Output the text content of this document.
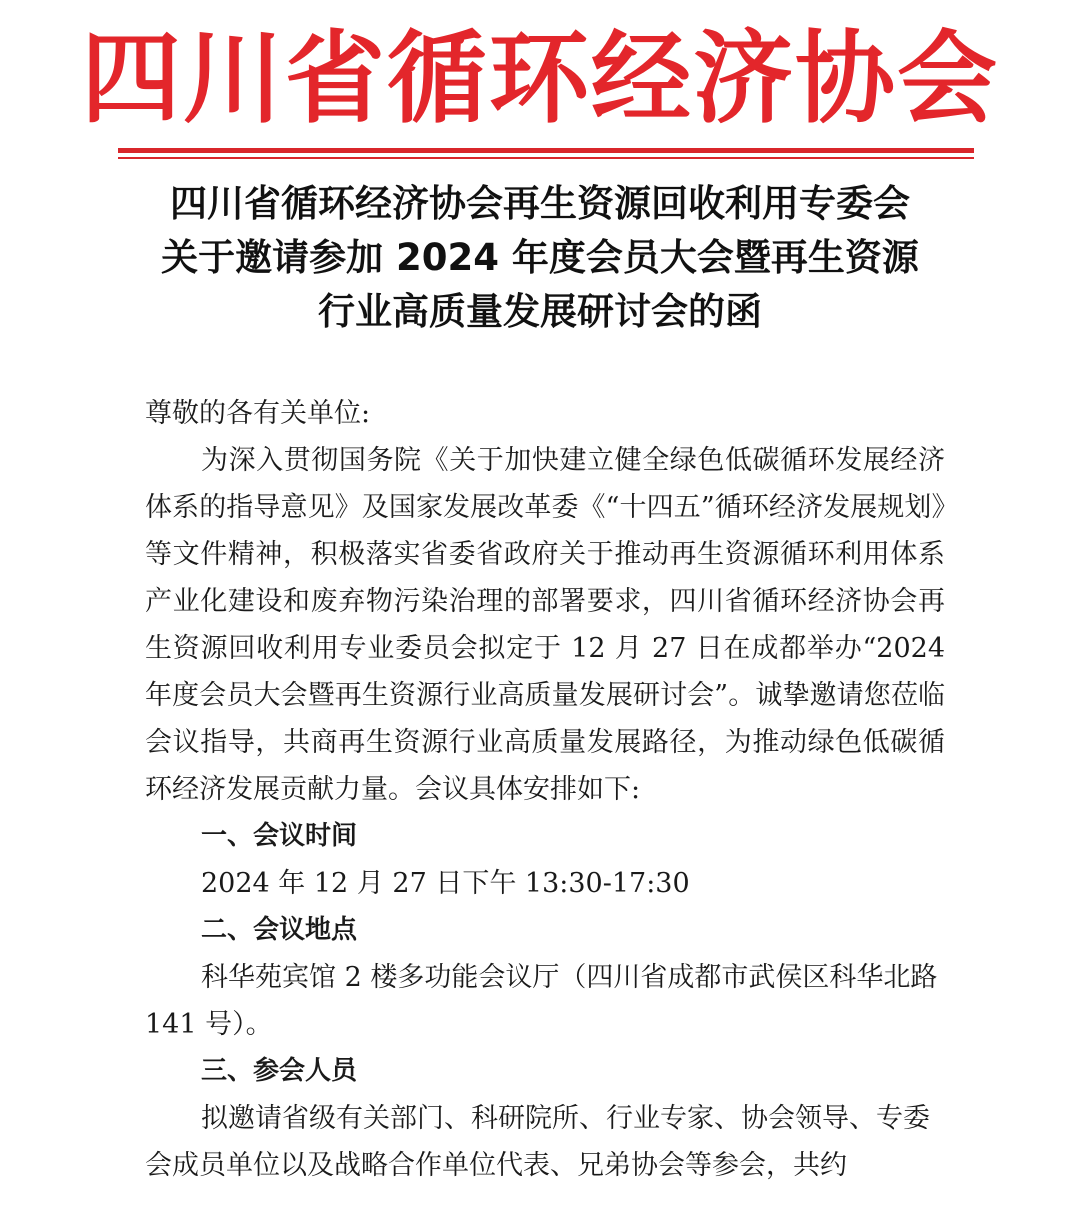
四川省循环经济协会
四川省循环经济协会再生资源回收利用专委会
关于邀请参加 2024 年度会员大会暨再生资源
行业高质量发展研讨会的函

尊敬的各有关单位:

为深入贯彻国务院《关于加快建立健全绿色低碳循环发展经济体系的指导意见》及国家发展改革委《“十四五”循环经济发展规划》等文件精神，积极落实省委省政府关于推动再生资源循环利用体系产业化建设和废弃物污染治理的部署要求，四川省循环经济协会再生资源回收利用专业委员会拟定于 12 月 27 日在成都举办“2024 年度会员大会暨再生资源行业高质量发展研讨会”。诚挚邀请您莅临会议指导，共商再生资源行业高质量发展路径，为推动绿色低碳循环经济发展贡献力量。会议具体安排如下:

一、会议时间

2024 年 12 月 27 日下午 13:30-17:30

二、会议地点

科华苑宾馆 2 楼多功能会议厅（四川省成都市武侯区科华北路 141 号）。

三、参会人员

拟邀请省级有关部门、科研院所、行业专家、协会领导、专委会成员单位以及战略合作单位代表、兄弟协会等参会，共约
